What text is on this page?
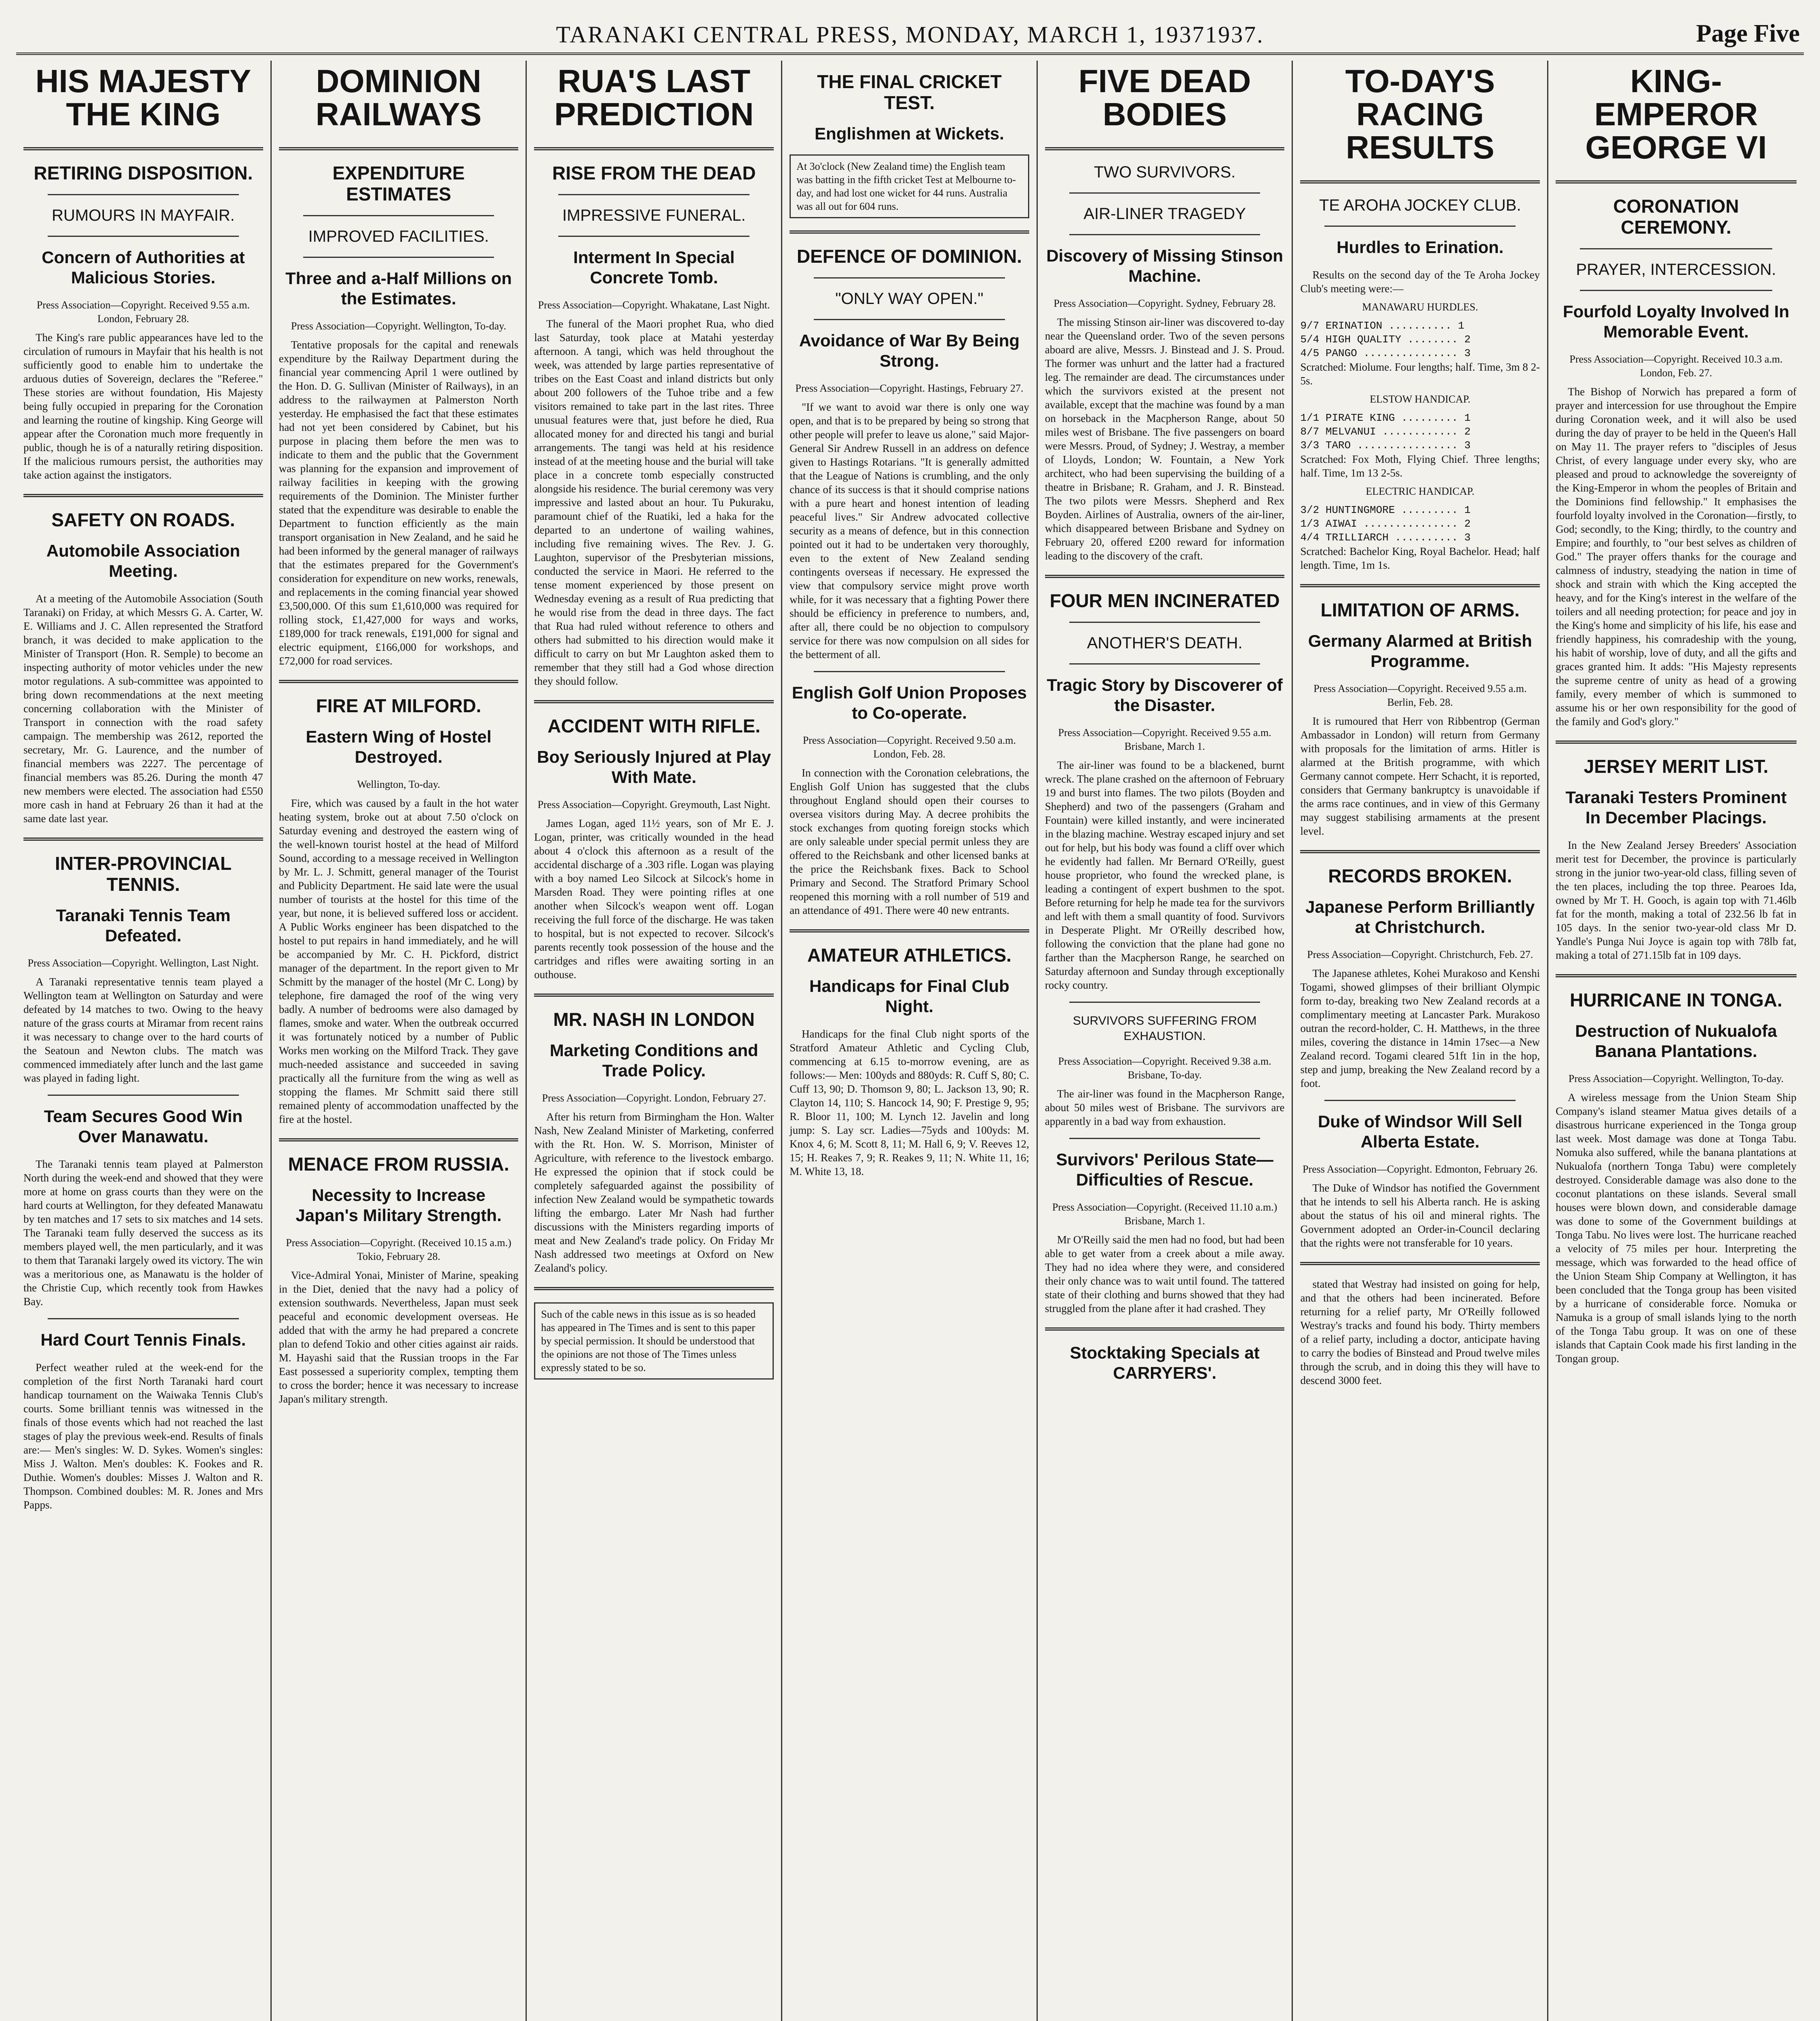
TARANAKI CENTRAL PRESS, MONDAY, MARCH 1, 19371937.	Page Five
HIS MAJESTY THE KING
RETIRING DISPOSITION.
RUMOURS IN MAYFAIR.
Concern of Authorities at Malicious Stories.
Press Association—Copyright. Received 9.55 a.m. London, February 28.

The King's rare public appearances have led to the circulation of rumours in Mayfair that his health is not sufficiently good to enable him to undertake the arduous duties of Sovereign, declares the "Referee." These stories are without foundation, His Majesty being fully occupied in preparing for the Coronation and learning the routine of kingship. King George will appear after the Coronation much more frequently in public, though he is of a naturally retiring disposition. If the malicious rumours persist, the authorities may take action against the instigators.

SAFETY ON ROADS.
Automobile Association Meeting.

At a meeting of the Automobile Association (South Taranaki) on Friday, at which Messrs G. A. Carter, W. E. Williams and J. C. Allen represented the Stratford branch, it was decided to make application to the Minister of Transport (Hon. R. Semple) to become an inspecting authority of motor vehicles under the new motor regulations. A sub-committee was appointed to bring down recommendations at the next meeting concerning collaboration with the Minister of Transport in connection with the road safety campaign. The membership was 2612, reported the secretary, Mr. G. Laurence, and the number of financial members was 2227. The percentage of financial members was 85.26. During the month 47 new members were elected. The association had £550 more cash in hand at February 26 than it had at the same date last year.

INTER-PROVINCIAL TENNIS.
Taranaki Tennis Team Defeated.
Press Association—Copyright. Wellington, Last Night.

A Taranaki representative tennis team played a Wellington team at Wellington on Saturday and were defeated by 14 matches to two. Owing to the heavy nature of the grass courts at Miramar from recent rains it was necessary to change over to the hard courts of the Seatoun and Newton clubs. The match was commenced immediately after lunch and the last game was played in fading light.

Team Secures Good Win Over Manawatu.

The Taranaki tennis team played at Palmerston North during the week-end and showed that they were more at home on grass courts than they were on the hard courts at Wellington, for they defeated Manawatu by ten matches and 17 sets to six matches and 14 sets. The Taranaki team fully deserved the success as its members played well, the men particularly, and it was to them that Taranaki largely owed its victory. The win was a meritorious one, as Manawatu is the holder of the Christie Cup, which recently took from Hawkes Bay.

Hard Court Tennis Finals.

Perfect weather ruled at the week-end for the completion of the first North Taranaki hard court handicap tournament on the Waiwaka Tennis Club's courts. Some brilliant tennis was witnessed in the finals of those events which had not reached the last stages of play the previous week-end. Results of finals are:— Men's singles: W. D. Sykes. Women's singles: Miss J. Walton. Men's doubles: K. Fookes and R. Duthie. Women's doubles: Misses J. Walton and R. Thompson. Combined doubles: M. R. Jones and Mrs Papps.

DOMINION RAILWAYS
EXPENDITURE ESTIMATES
IMPROVED FACILITIES.
Three and a-Half Millions on the Estimates.
Press Association—Copyright. Wellington, To-day.

Tentative proposals for the capital and renewals expenditure by the Railway Department during the financial year commencing April 1 were outlined by the Hon. D. G. Sullivan (Minister of Railways), in an address to the railwaymen at Palmerston North yesterday. He emphasised the fact that these estimates had not yet been considered by Cabinet, but his purpose in placing them before the men was to indicate to them and the public that the Government was planning for the expansion and improvement of railway facilities in keeping with the growing requirements of the Dominion. The Minister further stated that the expenditure was desirable to enable the Department to function efficiently as the main transport organisation in New Zealand, and he said he had been informed by the general manager of railways that the estimates prepared for the Government's consideration for expenditure on new works, renewals, and replacements in the coming financial year showed £3,500,000. Of this sum £1,610,000 was required for rolling stock, £1,427,000 for ways and works, £189,000 for track renewals, £191,000 for signal and electric equipment, £166,000 for workshops, and £72,000 for road services.

FIRE AT MILFORD.
Eastern Wing of Hostel Destroyed.
Wellington, To-day.

Fire, which was caused by a fault in the hot water heating system, broke out at about 7.50 o'clock on Saturday evening and destroyed the eastern wing of the well-known tourist hostel at the head of Milford Sound, according to a message received in Wellington by Mr. L. J. Schmitt, general manager of the Tourist and Publicity Department. He said late were the usual number of tourists at the hostel for this time of the year, but none, it is believed suffered loss or accident. A Public Works engineer has been dispatched to the hostel to put repairs in hand immediately, and he will be accompanied by Mr. C. H. Pickford, district manager of the department. In the report given to Mr Schmitt by the manager of the hostel (Mr C. Long) by telephone, fire damaged the roof of the wing very badly. A number of bedrooms were also damaged by flames, smoke and water. When the outbreak occurred it was fortunately noticed by a number of Public Works men working on the Milford Track. They gave much-needed assistance and succeeded in saving practically all the furniture from the wing as well as stopping the flames. Mr Schmitt said there still remained plenty of accommodation unaffected by the fire at the hostel.

MENACE FROM RUSSIA.
Necessity to Increase Japan's Military Strength.
Press Association—Copyright. (Received 10.15 a.m.) Tokio, February 28.

Vice-Admiral Yonai, Minister of Marine, speaking in the Diet, denied that the navy had a policy of extension southwards. Nevertheless, Japan must seek peaceful and economic development overseas. He added that with the army he had prepared a concrete plan to defend Tokio and other cities against air raids. M. Hayashi said that the Russian troops in the Far East possessed a superiority complex, tempting them to cross the border; hence it was necessary to increase Japan's military strength.

RUA'S LAST PREDICTION
RISE FROM THE DEAD
IMPRESSIVE FUNERAL.
Interment In Special Concrete Tomb.
Press Association—Copyright. Whakatane, Last Night.

The funeral of the Maori prophet Rua, who died last Saturday, took place at Matahi yesterday afternoon. A tangi, which was held throughout the week, was attended by large parties representative of tribes on the East Coast and inland districts but only about 200 followers of the Tuhoe tribe and a few visitors remained to take part in the last rites. Three unusual features were that, just before he died, Rua allocated money for and directed his tangi and burial arrangements. The tangi was held at his residence instead of at the meeting house and the burial will take place in a concrete tomb especially constructed alongside his residence. The burial ceremony was very impressive and lasted about an hour. Tu Pukuraku, paramount chief of the Ruatiki, led a haka for the departed to an undertone of wailing wahines, including five remaining wives. The Rev. J. G. Laughton, supervisor of the Presbyterian missions, conducted the service in Maori. He referred to the tense moment experienced by those present on Wednesday evening as a result of Rua predicting that he would rise from the dead in three days. The fact that Rua had ruled without reference to others and others had submitted to his direction would make it difficult to carry on but Mr Laughton asked them to remember that they still had a God whose direction they should follow.

ACCIDENT WITH RIFLE.
Boy Seriously Injured at Play With Mate.
Press Association—Copyright. Greymouth, Last Night.

James Logan, aged 11½ years, son of Mr E. J. Logan, printer, was critically wounded in the head about 4 o'clock this afternoon as a result of the accidental discharge of a .303 rifle. Logan was playing with a boy named Leo Silcock at Silcock's home in Marsden Road. They were pointing rifles at one another when Silcock's weapon went off. Logan receiving the full force of the discharge. He was taken to hospital, but is not expected to recover. Silcock's parents recently took possession of the house and the cartridges and rifles were awaiting sorting in an outhouse.

MR. NASH IN LONDON
Marketing Conditions and Trade Policy.
Press Association—Copyright. London, February 27.

After his return from Birmingham the Hon. Walter Nash, New Zealand Minister of Marketing, conferred with the Rt. Hon. W. S. Morrison, Minister of Agriculture, with reference to the livestock embargo. He expressed the opinion that if stock could be completely safeguarded against the possibility of infection New Zealand would be sympathetic towards lifting the embargo. Later Mr Nash had further discussions with the Ministers regarding imports of meat and New Zealand's trade policy. On Friday Mr Nash addressed two meetings at Oxford on New Zealand's policy.

Such of the cable news in this issue as is so headed has appeared in The Times and is sent to this paper by special permission. It should be understood that the opinions are not those of The Times unless expressly stated to be so.
THE FINAL CRICKET TEST.
Englishmen at Wickets.
At 3o'clock (New Zealand time) the English team was batting in the fifth cricket Test at Melbourne to-day, and had lost one wicket for 44 runs. Australia was all out for 604 runs.
DEFENCE OF DOMINION.
"ONLY WAY OPEN."
Avoidance of War By Being Strong.
Press Association—Copyright. Hastings, February 27.

"If we want to avoid war there is only one way open, and that is to be prepared by being so strong that other people will prefer to leave us alone," said Major-General Sir Andrew Russell in an address on defence given to Hastings Rotarians. "It is generally admitted that the League of Nations is crumbling, and the only chance of its success is that it should comprise nations with a pure heart and honest intention of leading peaceful lives." Sir Andrew advocated collective security as a means of defence, but in this connection pointed out it had to be undertaken very thoroughly, even to the extent of New Zealand sending contingents overseas if necessary. He expressed the view that compulsory service might prove worth while, for it was necessary that a fighting Power there should be efficiency in preference to numbers, and, after all, there could be no objection to compulsory service for there was now compulsion on all sides for the betterment of all.

English Golf Union Proposes to Co-operate.
Press Association—Copyright. Received 9.50 a.m. London, Feb. 28.

In connection with the Coronation celebrations, the English Golf Union has suggested that the clubs throughout England should open their courses to oversea visitors during May. A decree prohibits the stock exchanges from quoting foreign stocks which are only saleable under special permit unless they are offered to the Reichsbank and other licensed banks at the price the Reichsbank fixes. Back to School Primary and Second. The Stratford Primary School reopened this morning with a roll number of 519 and an attendance of 491. There were 40 new entrants.

AMATEUR ATHLETICS.
Handicaps for Final Club Night.

Handicaps for the final Club night sports of the Stratford Amateur Athletic and Cycling Club, commencing at 6.15 to-morrow evening, are as follows:— Men: 100yds and 880yds: R. Cuff S, 80; C. Cuff 13, 90; D. Thomson 9, 80; L. Jackson 13, 90; R. Clayton 14, 110; S. Hancock 14, 90; F. Prestige 9, 95; R. Bloor 11, 100; M. Lynch 12. Javelin and long jump: S. Lay scr. Ladies—75yds and 100yds: M. Knox 4, 6; M. Scott 8, 11; M. Hall 6, 9; V. Reeves 12, 15; H. Reakes 7, 9; R. Reakes 9, 11; N. White 11, 16; M. White 13, 18.

FIVE DEAD BODIES
TWO SURVIVORS.
AIR-LINER TRAGEDY
Discovery of Missing Stinson Machine.
Press Association—Copyright. Sydney, February 28.

The missing Stinson air-liner was discovered to-day near the Queensland order. Two of the seven persons aboard are alive, Messrs. J. Binstead and J. S. Proud. The former was unhurt and the latter had a fractured leg. The remainder are dead. The circumstances under which the survivors existed at the present not available, except that the machine was found by a man on horseback in the Macpherson Range, about 50 miles west of Brisbane. The five passengers on board were Messrs. Proud, of Sydney; J. Westray, a member of Lloyds, London; W. Fountain, a New York architect, who had been supervising the building of a theatre in Brisbane; R. Graham, and J. R. Binstead. The two pilots were Messrs. Shepherd and Rex Boyden. Airlines of Australia, owners of the air-liner, which disappeared between Brisbane and Sydney on February 20, offered £200 reward for information leading to the discovery of the craft.

FOUR MEN INCINERATED
ANOTHER'S DEATH.
Tragic Story by Discoverer of the Disaster.
Press Association—Copyright. Received 9.55 a.m. Brisbane, March 1.

The air-liner was found to be a blackened, burnt wreck. The plane crashed on the afternoon of February 19 and burst into flames. The two pilots (Boyden and Shepherd) and two of the passengers (Graham and Fountain) were killed instantly, and were incinerated in the blazing machine. Westray escaped injury and set out for help, but his body was found a cliff over which he evidently had fallen. Mr Bernard O'Reilly, guest house proprietor, who found the wrecked plane, is leading a contingent of expert bushmen to the spot. Before returning for help he made tea for the survivors and left with them a small quantity of food. Survivors in Desperate Plight. Mr O'Reilly described how, following the conviction that the plane had gone no farther than the Macpherson Range, he searched on Saturday afternoon and Sunday through exceptionally rocky country.

SURVIVORS SUFFERING FROM EXHAUSTION.
Press Association—Copyright. Received 9.38 a.m. Brisbane, To-day.

The air-liner was found in the Macpherson Range, about 50 miles west of Brisbane. The survivors are apparently in a bad way from exhaustion.

Survivors' Perilous State— Difficulties of Rescue.
Press Association—Copyright. (Received 11.10 a.m.) Brisbane, March 1.

Mr O'Reilly said the men had no food, but had been able to get water from a creek about a mile away. They had no idea where they were, and considered their only chance was to wait until found. The tattered state of their clothing and burns showed that they had struggled from the plane after it had crashed. They

Stocktaking Specials at CARRYERS'.
TO-DAY'S RACING RESULTS
TE AROHA JOCKEY CLUB.
Hurdles to Erination.

Results on the second day of the Te Aroha Jockey Club's meeting were:—

MANAWARU HURDLES.
9/7 ERINATION .......... 1
5/4 HIGH QUALITY ........ 2
4/5 PANGO ............... 3
Scratched: Miolume. Four lengths; half. Time, 3m 8 2-5s.
ELSTOW HANDICAP.
1/1 PIRATE KING ......... 1
8/7 MELVANUI ............ 2
3/3 TARO ................ 3
Scratched: Fox Moth, Flying Chief. Three lengths; half. Time, 1m 13 2-5s.
ELECTRIC HANDICAP.
3/2 HUNTINGMORE ......... 1
1/3 AIWAI ............... 2
4/4 TRILLIARCH .......... 3
Scratched: Bachelor King, Royal Bachelor. Head; half length. Time, 1m 1s.
LIMITATION OF ARMS.
Germany Alarmed at British Programme.
Press Association—Copyright. Received 9.55 a.m. Berlin, Feb. 28.

It is rumoured that Herr von Ribbentrop (German Ambassador in London) will return from Germany with proposals for the limitation of arms. Hitler is alarmed at the British programme, with which Germany cannot compete. Herr Schacht, it is reported, considers that Germany bankruptcy is unavoidable if the arms race continues, and in view of this Germany may suggest stabilising armaments at the present level.

RECORDS BROKEN.
Japanese Perform Brilliantly at Christchurch.
Press Association—Copyright. Christchurch, Feb. 27.

The Japanese athletes, Kohei Murakoso and Kenshi Togami, showed glimpses of their brilliant Olympic form to-day, breaking two New Zealand records at a complimentary meeting at Lancaster Park. Murakoso outran the record-holder, C. H. Matthews, in the three miles, covering the distance in 14min 17sec—a New Zealand record. Togami cleared 51ft 1in in the hop, step and jump, breaking the New Zealand record by a foot.

Duke of Windsor Will Sell Alberta Estate.
Press Association—Copyright. Edmonton, February 26.

The Duke of Windsor has notified the Government that he intends to sell his Alberta ranch. He is asking about the status of his oil and mineral rights. The Government adopted an Order-in-Council declaring that the rights were not transferable for 10 years.

stated that Westray had insisted on going for help, and that the others had been incinerated. Before returning for a relief party, Mr O'Reilly followed Westray's tracks and found his body. Thirty members of a relief party, including a doctor, anticipate having to carry the bodies of Binstead and Proud twelve miles through the scrub, and in doing this they will have to descend 3000 feet.

KING-EMPEROR GEORGE VI
CORONATION CEREMONY.
PRAYER, INTERCESSION.
Fourfold Loyalty Involved In Memorable Event.
Press Association—Copyright. Received 10.3 a.m. London, Feb. 27.

The Bishop of Norwich has prepared a form of prayer and intercession for use throughout the Empire during Coronation week, and it will also be used during the day of prayer to be held in the Queen's Hall on May 11. The prayer refers to "disciples of Jesus Christ, of every language under every sky, who are pleased and proud to acknowledge the sovereignty of the King-Emperor in whom the peoples of Britain and the Dominions find fellowship." It emphasises the fourfold loyalty involved in the Coronation—firstly, to God; secondly, to the King; thirdly, to the country and Empire; and fourthly, to "our best selves as children of God." The prayer offers thanks for the courage and calmness of industry, steadying the nation in time of shock and strain with which the King accepted the heavy, and for the King's interest in the welfare of the toilers and all needing protection; for peace and joy in the King's home and simplicity of his life, his ease and friendly happiness, his comradeship with the young, his habit of worship, love of duty, and all the gifts and graces granted him. It adds: "His Majesty represents the supreme centre of unity as head of a growing family, every member of which is summoned to assume his or her own responsibility for the good of the family and God's glory."

JERSEY MERIT LIST.
Taranaki Testers Prominent In December Placings.

In the New Zealand Jersey Breeders' Association merit test for December, the province is particularly strong in the junior two-year-old class, filling seven of the ten places, including the top three. Pearoes Ida, owned by Mr T. H. Gooch, is again top with 71.46lb fat for the month, making a total of 232.56 lb fat in 105 days. In the senior two-year-old class Mr D. Yandle's Punga Nui Joyce is again top with 78lb fat, making a total of 271.15lb fat in 109 days.

HURRICANE IN TONGA.
Destruction of Nukualofa Banana Plantations.
Press Association—Copyright. Wellington, To-day.

A wireless message from the Union Steam Ship Company's island steamer Matua gives details of a disastrous hurricane experienced in the Tonga group last week. Most damage was done at Tonga Tabu. Nomuka also suffered, while the banana plantations at Nukualofa (northern Tonga Tabu) were completely destroyed. Considerable damage was also done to the coconut plantations on these islands. Several small houses were blown down, and considerable damage was done to some of the Government buildings at Tonga Tabu. No lives were lost. The hurricane reached a velocity of 75 miles per hour. Interpreting the message, which was forwarded to the head office of the Union Steam Ship Company at Wellington, it has been concluded that the Tonga group has been visited by a hurricane of considerable force. Nomuka or Namuka is a group of small islands lying to the north of the Tonga Tabu group. It was on one of these islands that Captain Cook made his first landing in the Tongan group.
